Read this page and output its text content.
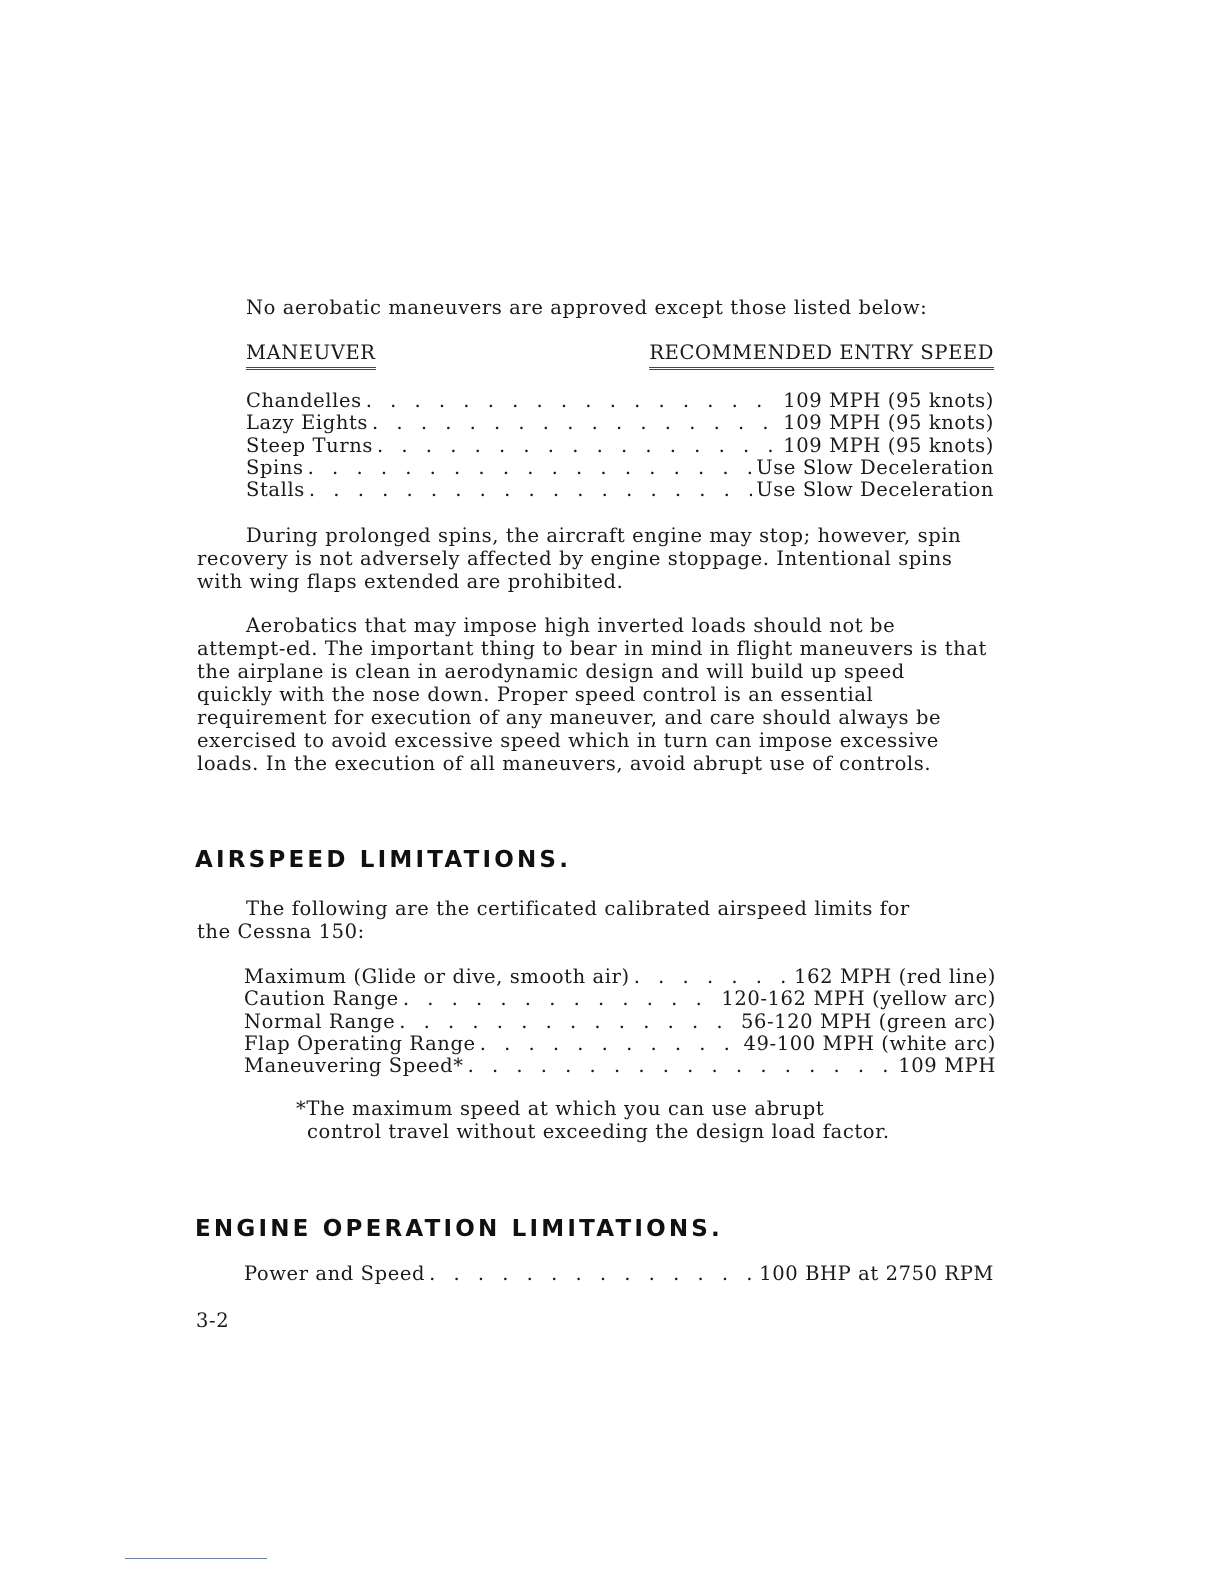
No aerobatic maneuvers are approved except those listed below:
MANEUVER	RECOMMENDED ENTRY SPEED
Chandelles . . .	109 MPH (95 knots)
Lazy Eights . . .	109 MPH (95 knots)
Steep Turns . . .	109 MPH (95 knots)
Spins . . .	Use Slow Deceleration
Stalls . . .	Use Slow Deceleration

During prolonged spins, the aircraft engine may stop; however, spin recovery is not adversely affected by engine stoppage. Intentional spins with wing flaps extended are prohibited.

Aerobatics that may impose high inverted loads should not be attempt-ed. The important thing to bear in mind in flight maneuvers is that the airplane is clean in aerodynamic design and will build up speed quickly with the nose down. Proper speed control is an essential requirement for execution of any maneuver, and care should always be exercised to avoid excessive speed which in turn can impose excessive loads. In the execution of all maneuvers, avoid abrupt use of controls.

AIRSPEED LIMITATIONS.

The following are the certificated calibrated airspeed limits for the Cessna 150:

Maximum (Glide or dive, smooth air) . . .	162 MPH (red line)
Caution Range . . .	120-162 MPH (yellow arc)
Normal Range . . .	56-120 MPH (green arc)
Flap Operating Range . . .	49-100 MPH (white arc)
Maneuvering Speed* . . .	109 MPH
*The maximum speed at which you can use abrupt
control travel without exceeding the design load factor.
ENGINE OPERATION LIMITATIONS.
Power and Speed . . .	100 BHP at 2750 RPM
3-2
